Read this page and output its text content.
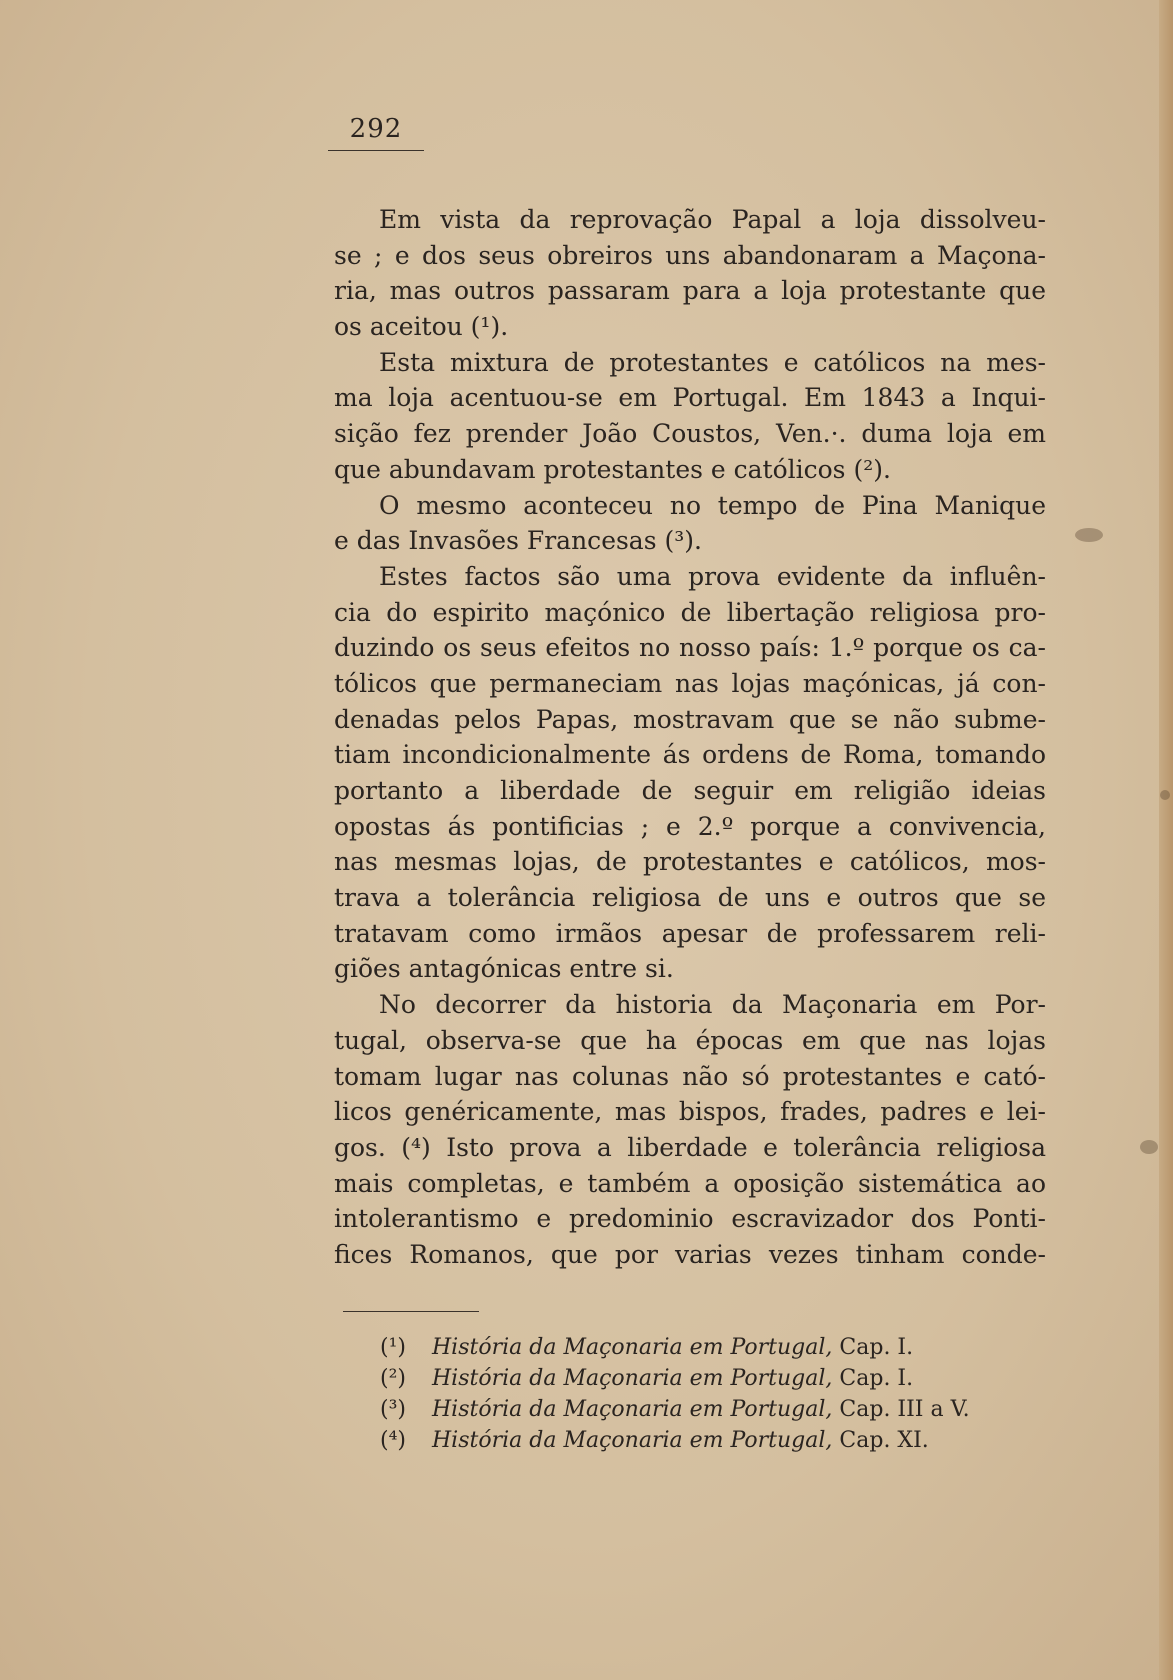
292
Em vista da reprovação Papal a loja dissolveu-
se ; e dos seus obreiros uns abandonaram a Maçona-
ria, mas outros passaram para a loja protestante que
os aceitou (¹).
Esta mixtura de protestantes e católicos na mes-
ma loja acentuou-se em Portugal. Em 1843 a Inqui-
sição fez prender João Coustos, Ven.·. duma loja em
que abundavam protestantes e católicos (²).
O mesmo aconteceu no tempo de Pina Manique
e das Invasões Francesas (³).
Estes factos são uma prova evidente da influên-
cia do espirito maçónico de libertação religiosa pro-
duzindo os seus efeitos no nosso país: 1.º porque os ca-
tólicos que permaneciam nas lojas maçónicas, já con-
denadas pelos Papas, mostravam que se não subme-
tiam incondicionalmente ás ordens de Roma, tomando
portanto a liberdade de seguir em religião ideias
opostas ás pontificias ; e 2.º porque a convivencia,
nas mesmas lojas, de protestantes e católicos, mos-
trava a tolerância religiosa de uns e outros que se
tratavam como irmãos apesar de professarem reli-
giões antagónicas entre si.
No decorrer da historia da Maçonaria em Por-
tugal, observa-se que ha épocas em que nas lojas
tomam lugar nas colunas não só protestantes e cató-
licos genéricamente, mas bispos, frades, padres e lei-
gos. (⁴) Isto prova a liberdade e tolerância religiosa
mais completas, e também a oposição sistemática ao
intolerantismo e predominio escravizador dos Ponti-
fices Romanos, que por varias vezes tinham conde-
(¹) História da Maçonaria em Portugal, Cap. I.
(²) História da Maçonaria em Portugal, Cap. I.
(³) História da Maçonaria em Portugal, Cap. III a V.
(⁴) História da Maçonaria em Portugal, Cap. XI.
